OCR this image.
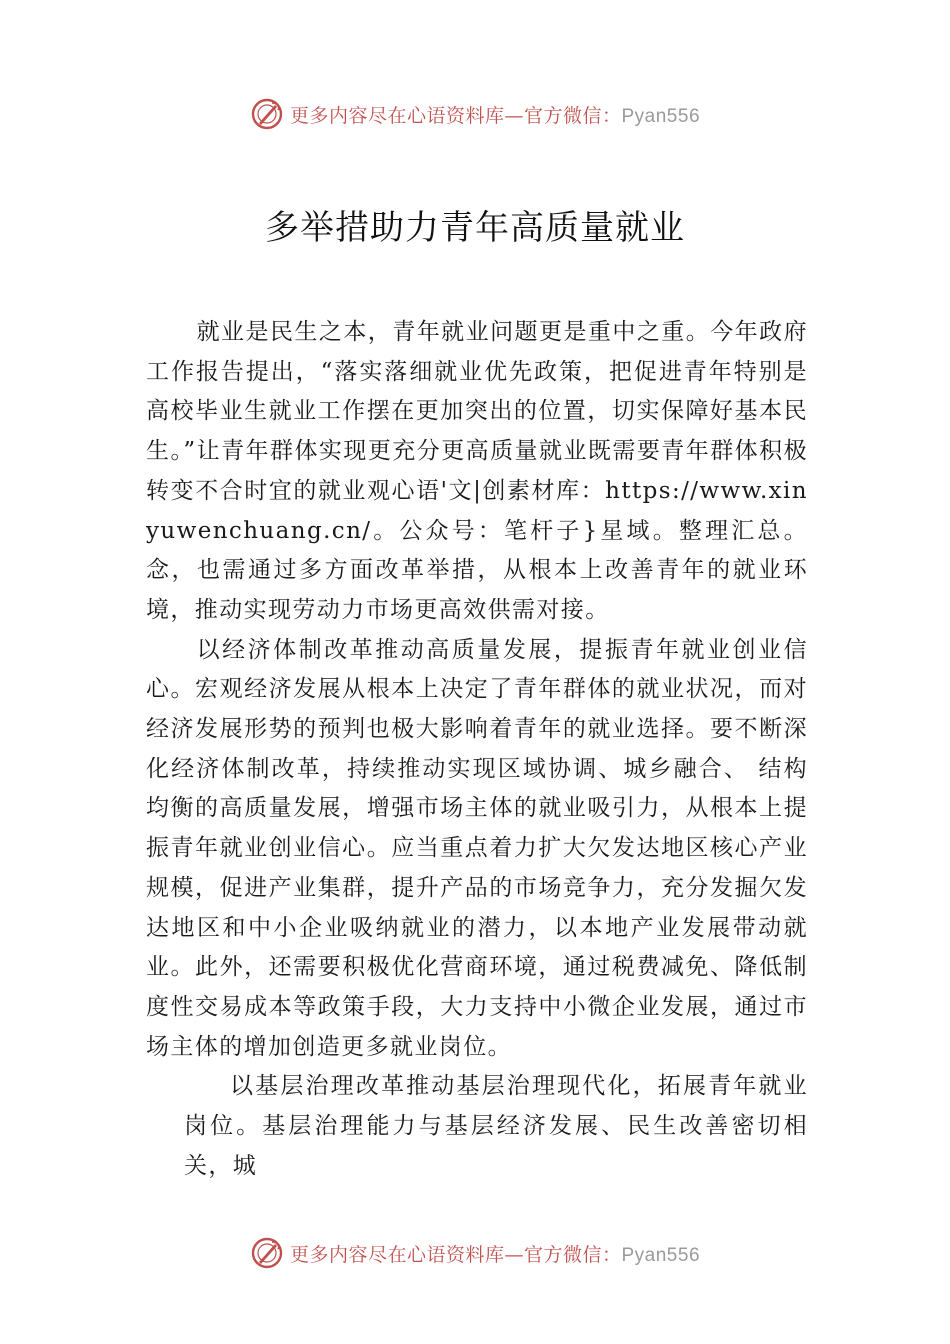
更多内容尽在心语资料库—官方微信：Pyan556
多举措助力青年高质量就业

就业是民生之本，青年就业问题更是重中之重。今年政府工作报告提出，“落实落细就业优先政策，把促进青年特别是高校毕业生就业工作摆在更加突出的位置，切实保障好基本民生。”让青年群体实现更充分更高质量就业既需要青年群体积极转变不合时宜的就业观心语'文|创素材库：https://www.xinyuwenchuang.cn/。公众号：笔杆子}星域。整理汇总。念，也需通过多方面改革举措，从根本上改善青年的就业环境，推动实现劳动力市场更高效供需对接。

以经济体制改革推动高质量发展，提振青年就业创业信心。宏观经济发展从根本上决定了青年群体的就业状况，而对经济发展形势的预判也极大影响着青年的就业选择。要不断深化经济体制改革，持续推动实现区域协调、城乡融合、 结构均衡的高质量发展，增强市场主体的就业吸引力，从根本上提振青年就业创业信心。应当重点着力扩大欠发达地区核心产业规模，促进产业集群，提升产品的市场竞争力，充分发掘欠发达地区和中小企业吸纳就业的潜力，以本地产业发展带动就业。此外，还需要积极优化营商环境，通过税费减免、降低制度性交易成本等政策手段，大力支持中小微企业发展，通过市场主体的增加创造更多就业岗位。

以基层治理改革推动基层治理现代化，拓展青年就业岗位。基层治理能力与基层经济发展、民生改善密切相关，城

更多内容尽在心语资料库—官方微信：Pyan556
